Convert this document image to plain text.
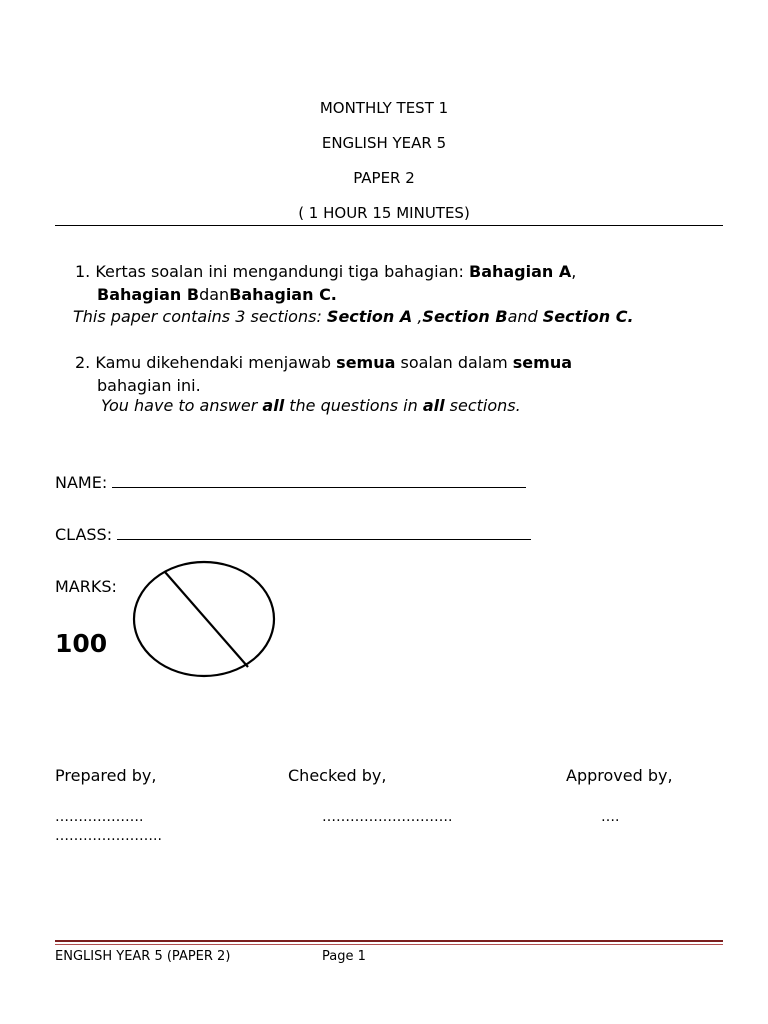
MONTHLY TEST 1
ENGLISH YEAR 5
PAPER 2
( 1 HOUR 15 MINUTES)
1. Kertas soalan ini mengandungi tiga bahagian: Bahagian A,
Bahagian BdanBahagian C.
This paper contains 3 sections: Section A ,Section Band Section C.
2. Kamu dikehendaki menjawab semua soalan dalam semua
bahagian ini.
You have to answer all the questions in all sections.
NAME:
CLASS:
MARKS:
100
Prepared by,	Checked by,	Approved by,
……………….	……………………….	….
…………………..
ENGLISH YEAR 5 (PAPER 2)	Page 1
